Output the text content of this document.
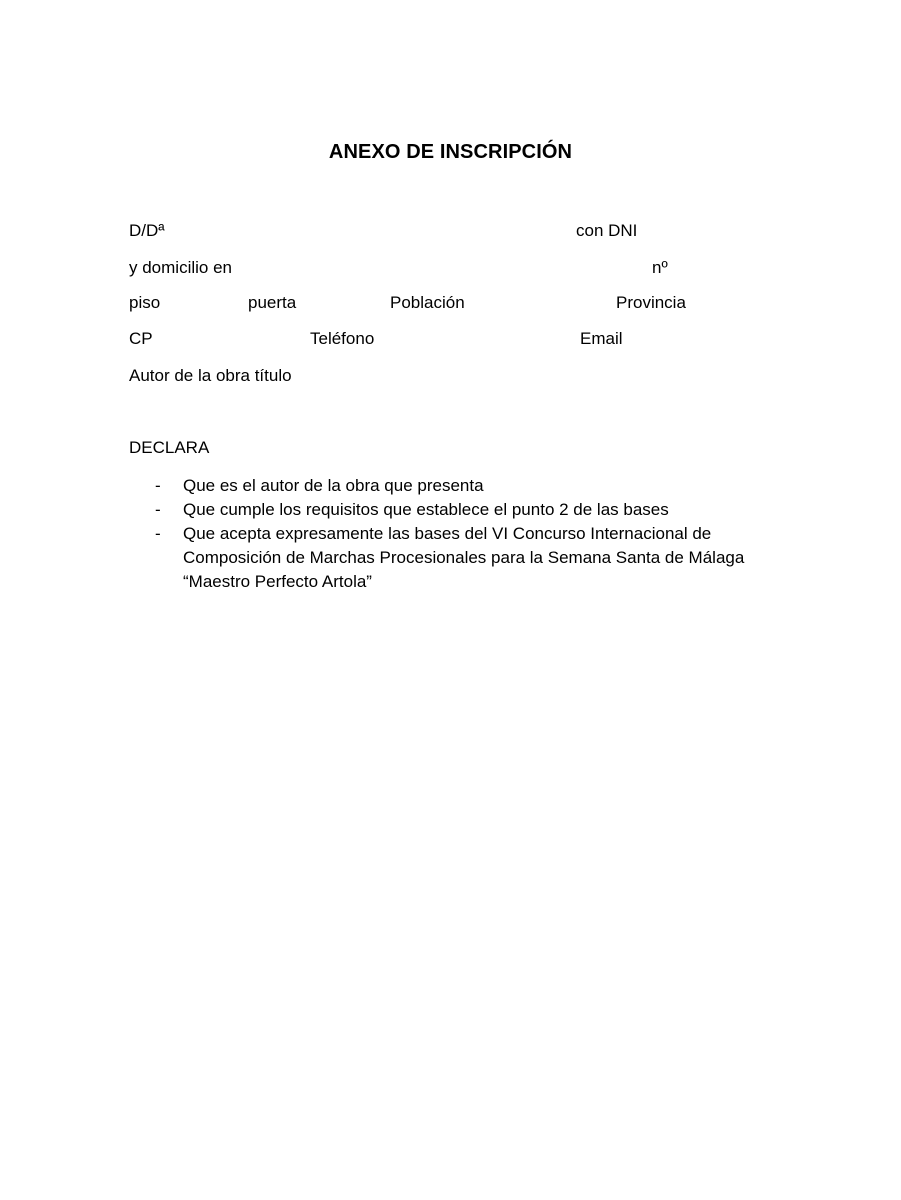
ANEXO DE INSCRIPCIÓN
D/Dª	con DNI
y domicilio en	nº
piso	puerta	Población	Provincia
CP	Teléfono	Email
Autor de la obra título
DECLARA
- Que es el autor de la obra que presenta
- Que cumple los requisitos que establece el punto 2 de las bases
- Que acepta expresamente las bases del VI Concurso Internacional de Composición de Marchas Procesionales para la Semana Santa de Málaga “Maestro Perfecto Artola”
